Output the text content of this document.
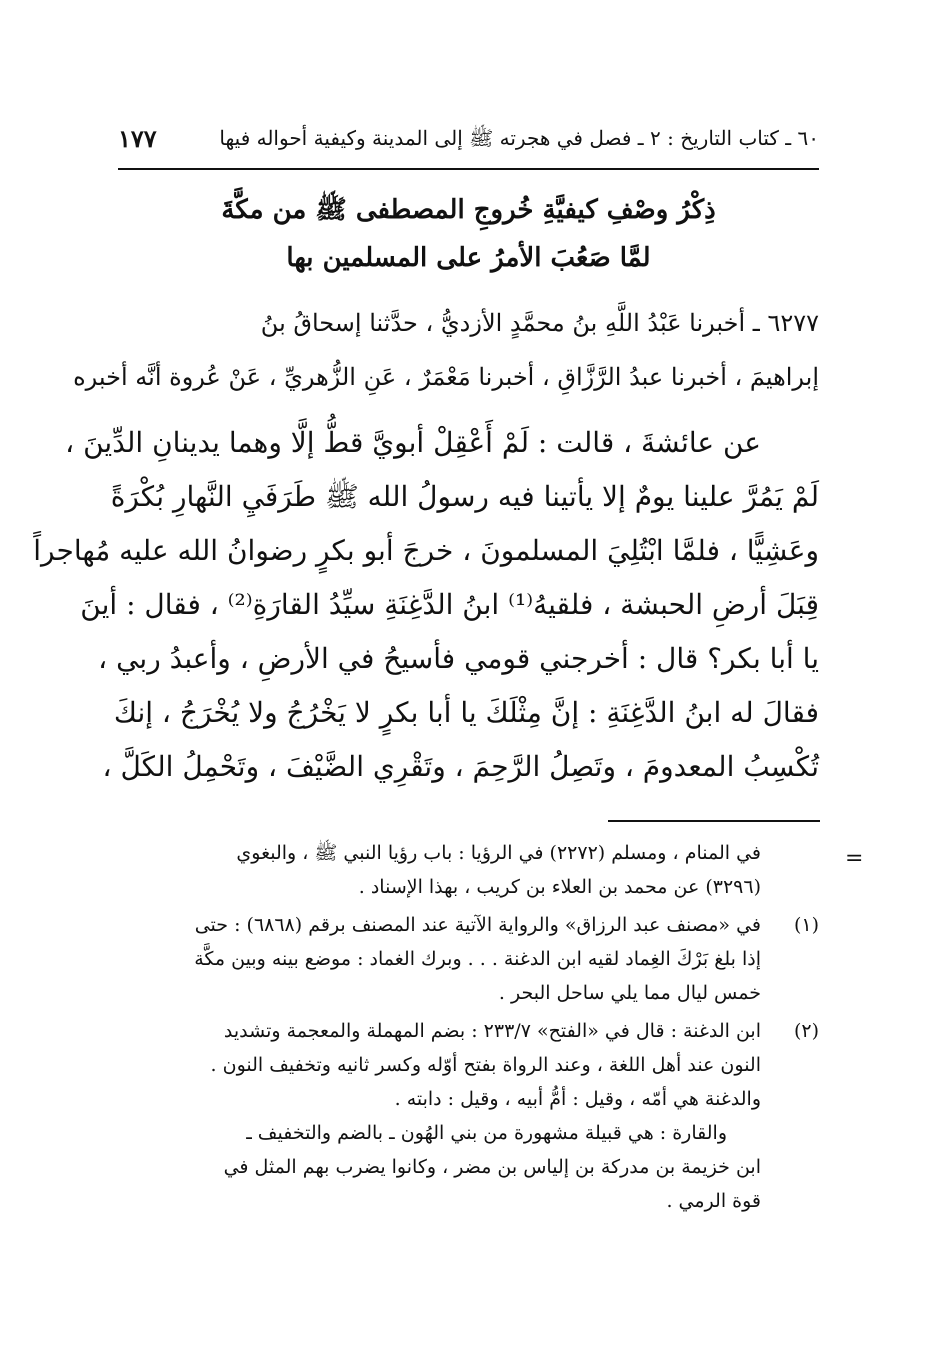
٦٠ ـ كتاب التاريخ : ٢ ـ فصل في هجرته ﷺ إلى المدينة وكيفية أحواله فيها
١٧٧
ذِكْرُ وصْفِ كيفيَّةِ خُروجِ المصطفى ﷺ من مكَّةَ
لمَّا صَعُبَ الأمرُ على المسلمين بها

٦٢٧٧ ـ أخبرنا عَبْدُ اللَّهِ بنُ محمَّدٍ الأزديُّ ، حدَّثنا إسحاقُ بنُ

إبراهيمَ ، أخبرنا عبدُ الرَّزَّاقِ ، أخبرنا مَعْمَرٌ ، عَنِ الزُّهريِّ ، عَنْ عُروة أنَّه أخبره

عن عائشةَ ، قالت : لَمْ أَعْقِلْ أبويَّ قطُّ إلَّا وهما يدينانِ الدِّينَ ،

لَمْ يَمُرَّ علينا يومٌ إلا يأتينا فيه رسولُ الله ﷺ طَرَفَيِ النَّهارِ بُكْرَةً

وعَشِيًّا ، فلمَّا ابْتُلِيَ المسلمونَ ، خرجَ أبو بكرٍ رضوانُ الله عليه مُهاجراً

قِبَلَ أرضِ الحبشة ، فلقيهُ⁽¹⁾ ابنُ الدَّغِنَةِ سيِّدُ القارَةِ⁽²⁾ ، فقال : أينَ

يا أبا بكر؟ قال : أخرجني قومي فأسيحُ في الأرضِ ، وأعبدُ ربي ،

فقالَ له ابنُ الدَّغِنَةِ : إنَّ مِثْلَكَ يا أبا بكرٍ لا يَخْرُجُ ولا يُخْرَجُ ، إنكَ

تُكْسِبُ المعدومَ ، وتَصِلُ الرَّحِمَ ، وتَقْرِي الضَّيْفَ ، وتَحْمِلُ الكَلَّ ،

=

في المنام ، ومسلم (٢٢٧٢) في الرؤيا : باب رؤيا النبي ﷺ ، والبغوي

(٣٢٩٦) عن محمد بن العلاء بن كريب ، بهذا الإسناد .

(١)

في «مصنف عبد الرزاق» والرواية الآتية عند المصنف برقم (٦٨٦٨) : حتى

إذا بلغ بَرْكَ الغِماد لقيه ابن الدغنة . . . وبرك الغماد : موضع بينه وبين مكَّة

خمس ليال مما يلي ساحل البحر .

(٢)

ابن الدغنة : قال في «الفتح» ٢٣٣/٧ : بضم المهملة والمعجمة وتشديد

النون عند أهل اللغة ، وعند الرواة بفتح أوّله وكسر ثانيه وتخفيف النون .

والدغنة هي أمّه ، وقيل : أمُّ أبيه ، وقيل : دابته .

والقارة : هي قبيلة مشهورة من بني الهُون ـ بالضم والتخفيف ـ

ابن خزيمة بن مدركة بن إلياس بن مضر ، وكانوا يضرب بهم المثل في

قوة الرمي .
